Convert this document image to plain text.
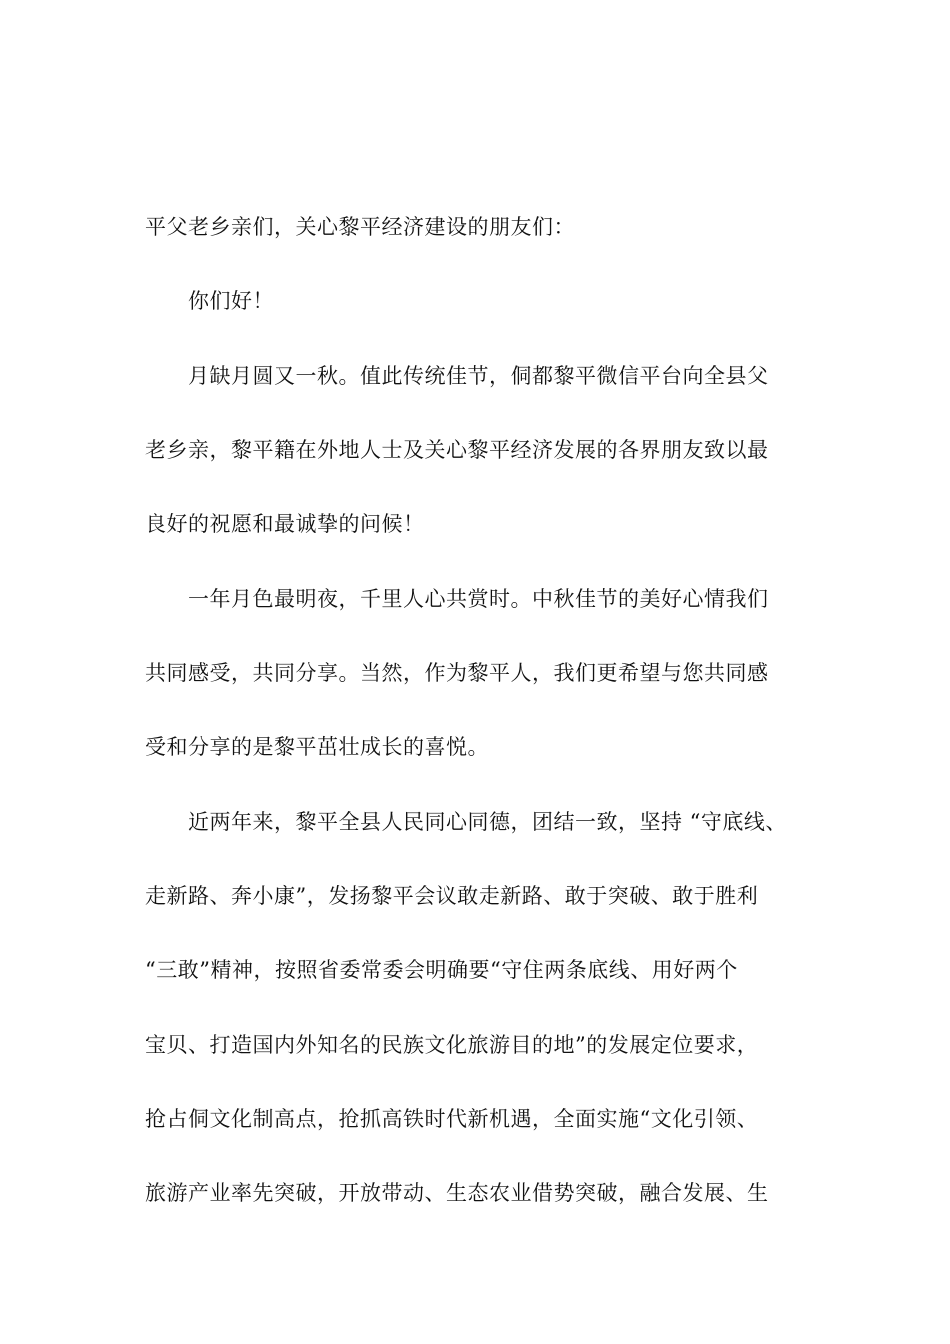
平父老乡亲们，关心黎平经济建设的朋友们：
你们好！
月缺月圆又一秋。值此传统佳节，侗都黎平微信平台向全县父
老乡亲，黎平籍在外地人士及关心黎平经济发展的各界朋友致以最
良好的祝愿和最诚挚的问候！
一年月色最明夜，千里人心共赏时。中秋佳节的美好心情我们
共同感受，共同分享。当然，作为黎平人，我们更希望与您共同感
受和分享的是黎平茁壮成长的喜悦。
近两年来，黎平全县人民同心同德，团结一致，坚持 “守底线、
走新路、奔小康”，发扬黎平会议敢走新路、敢于突破、敢于胜利
“三敢”精神，按照省委常委会明确要“守住两条底线、用好两个
宝贝、打造国内外知名的民族文化旅游目的地”的发展定位要求，
抢占侗文化制高点，抢抓高铁时代新机遇，全面实施“文化引领、
旅游产业率先突破，开放带动、生态农业借势突破，融合发展、生
